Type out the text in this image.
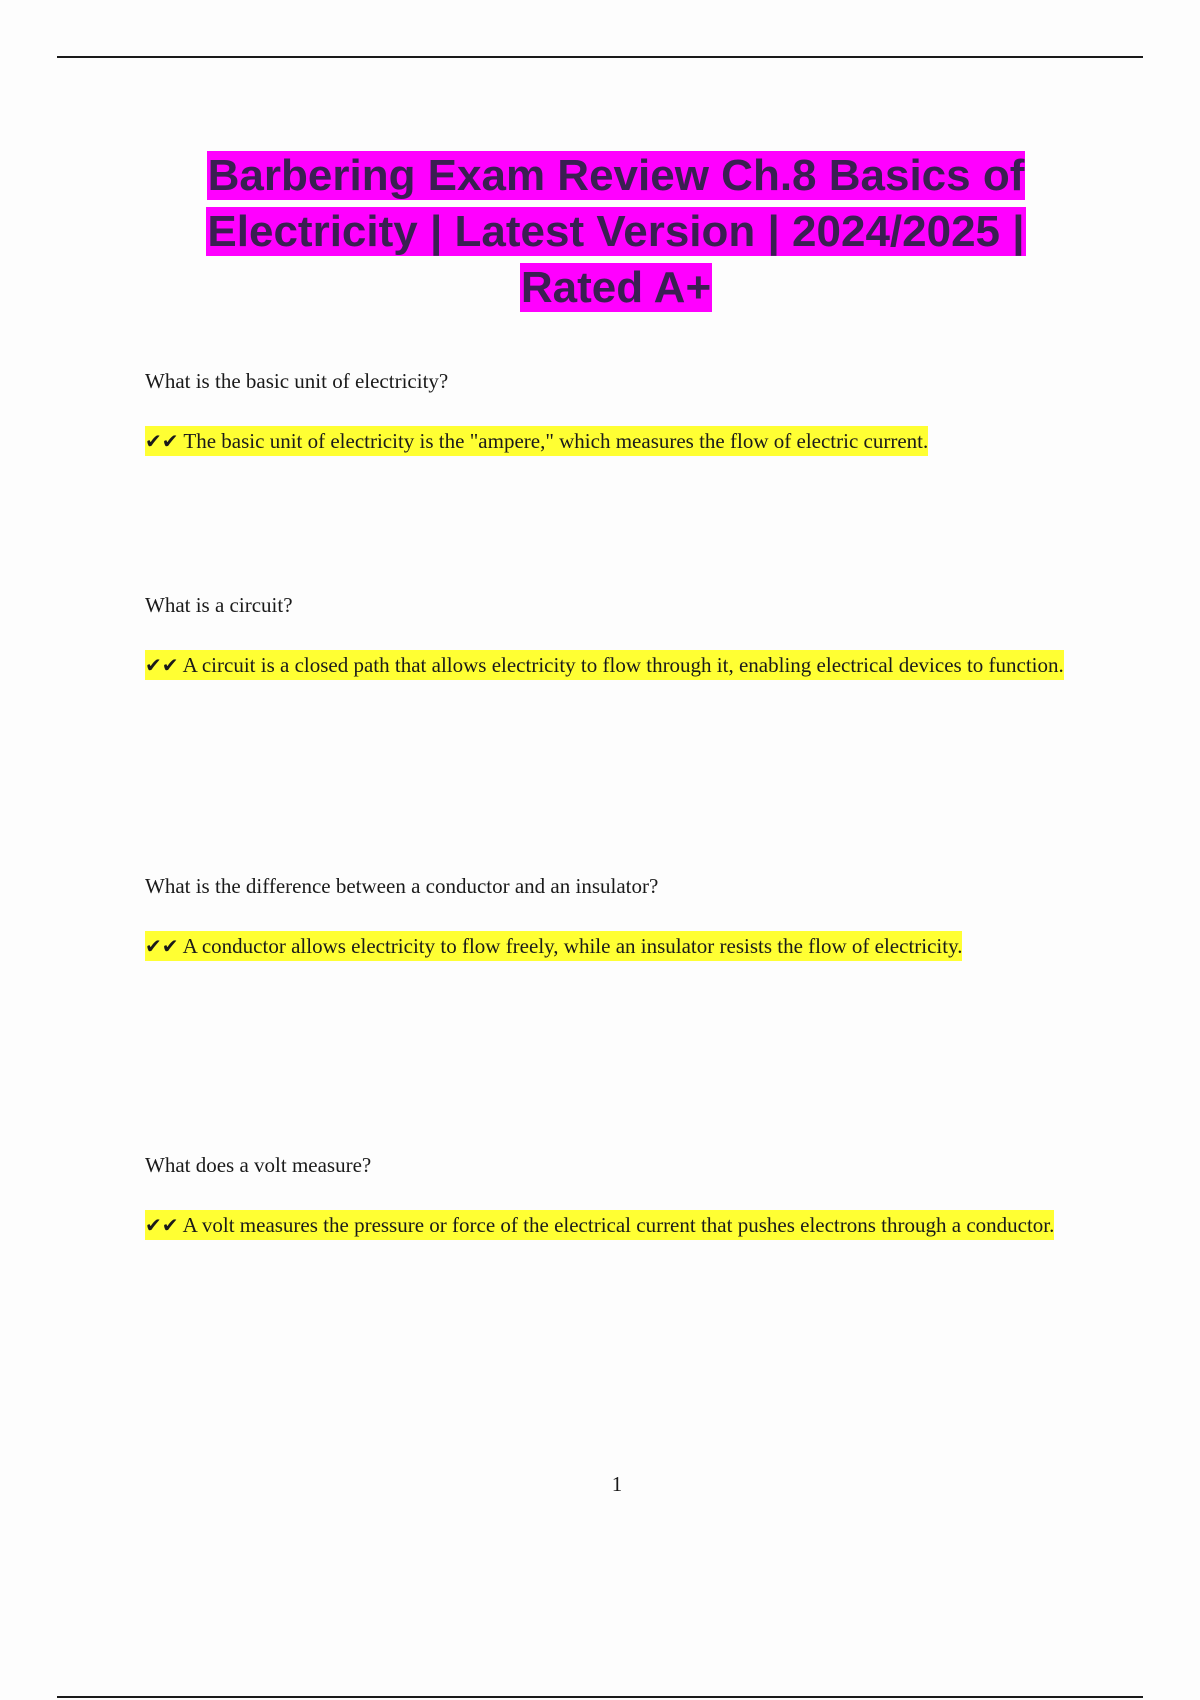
Barbering Exam Review Ch.8 Basics of Electricity | Latest Version | 2024/2025 | Rated A+

What is the basic unit of electricity?

✔✔ The basic unit of electricity is the "ampere," which measures the flow of electric current.

What is a circuit?

✔✔ A circuit is a closed path that allows electricity to flow through it, enabling electrical devices to function.

What is the difference between a conductor and an insulator?

✔✔ A conductor allows electricity to flow freely, while an insulator resists the flow of electricity.

What does a volt measure?

✔✔ A volt measures the pressure or force of the electrical current that pushes electrons through a conductor.

1
